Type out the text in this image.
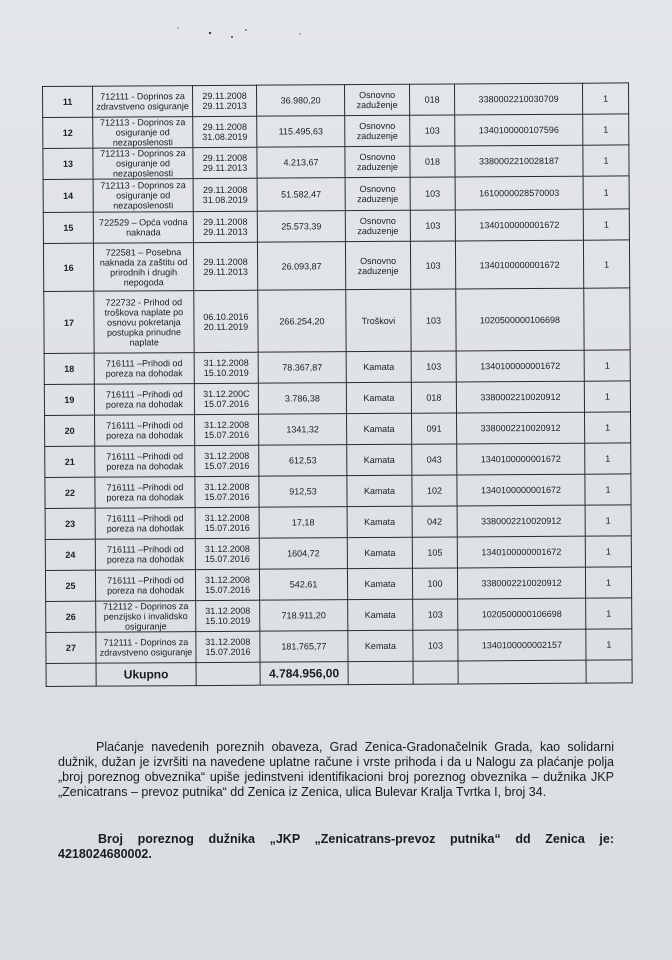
11	712111 - Doprinos za zdravstveno osiguranje	29.11.2008 29.11.2013	36.980,20	Osnovno zaduženje	018	3380002210030709	1
12	712113 - Doprinos za osiguranje od nezaposlenosti	29.11.2008 31.08.2019	115.495,63	Osnovno zaduzenje	103	1340100000107596	1
13	712113 - Doprinos za osiguranje od nezaposlenosti	29.11.2008 29.11.2013	4.213,67	Osnovno zaduzenje	018	3380002210028187	1
14	712113 - Doprinos za osiguranje od nezaposlenosti	29.11.2008 31.08.2019	51.582,47	Osnovno zaduzenje	103	1610000028570003	1
15	722529 – Opća vodna naknada	29.11.2008 29.11.2013	25.573,39	Osnovno zaduzenje	103	1340100000001672	1
16	722581 – Posebna naknada za zaštitu od prirodnih i drugih nepogoda	29.11.2008 29.11.2013	26.093,87	Osnovno zaduzenje	103	1340100000001672	1
17	722732 - Prihod od troškova naplate po osnovu pokretanja postupka prinudne naplate	06.10.2016 20.11.2019	266.254,20	Troškovi	103	1020500000106698	
18	716111 –Prihodi od poreza na dohodak	31.12.2008 15.10.2019	78.367,87	Kamata	103	1340100000001672	1
19	716111 –Prihodi od poreza na dohodak	31.12.200C 15.07.2016	3.786,38	Kamata	018	3380002210020912	1
20	716111 –Prihodi od poreza na dohodak	31.12.2008 15.07.2016	1341,32	Kamata	091	3380002210020912	1
21	716111 –Prihodi od poreza na dohodak	31.12.2008 15.07.2016	612,53	Kamata	043	1340100000001672	1
22	716111 –Prihodi od poreza na dohodak	31.12.2008 15.07.2016	912,53	Kamata	102	1340100000001672	1
23	716111 –Prihodi od poreza na dohodak	31.12.2008 15.07.2016	17,18	Kamata	042	3380002210020912	1
24	716111 –Prihodi od poreza na dohodak	31.12.2008 15.07.2016	1604,72	Kamata	105	1340100000001672	1
25	716111 –Prihodi od poreza na dohodak	31.12.2008 15.07.2016	542,61	Kamata	100	3380002210020912	1
26	712112 - Doprinos za penzijsko i invalidsko osiguranje	31.12.2008 15.10.2019	718.911,20	Kamata	103	1020500000106698	1
27	712111 - Doprinos za zdravstveno osiguranje	31.12.2008 15.07.2016	181.765,77	Kemata	103	1340100000002157	1
	Ukupno		4.784.956,00				
Plaćanje navedenih poreznih obaveza, Grad Zenica-Gradonačelnik Grada, kao solidarni dužnik, dužan je izvršiti na navedene uplatne račune i vrste prihoda i da u Nalogu za plaćanje polja „broj poreznog obveznika“ upiše jedinstveni identifikacioni broj poreznog obveznika – dužnika JKP „Zenicatrans – prevoz putnika“ dd Zenica iz Zenica, ulica Bulevar Kralja Tvrtka I, broj 34.
Broj poreznog dužnika „JKP „Zenicatrans-prevoz putnika“ dd Zenica je: 4218024680002.
